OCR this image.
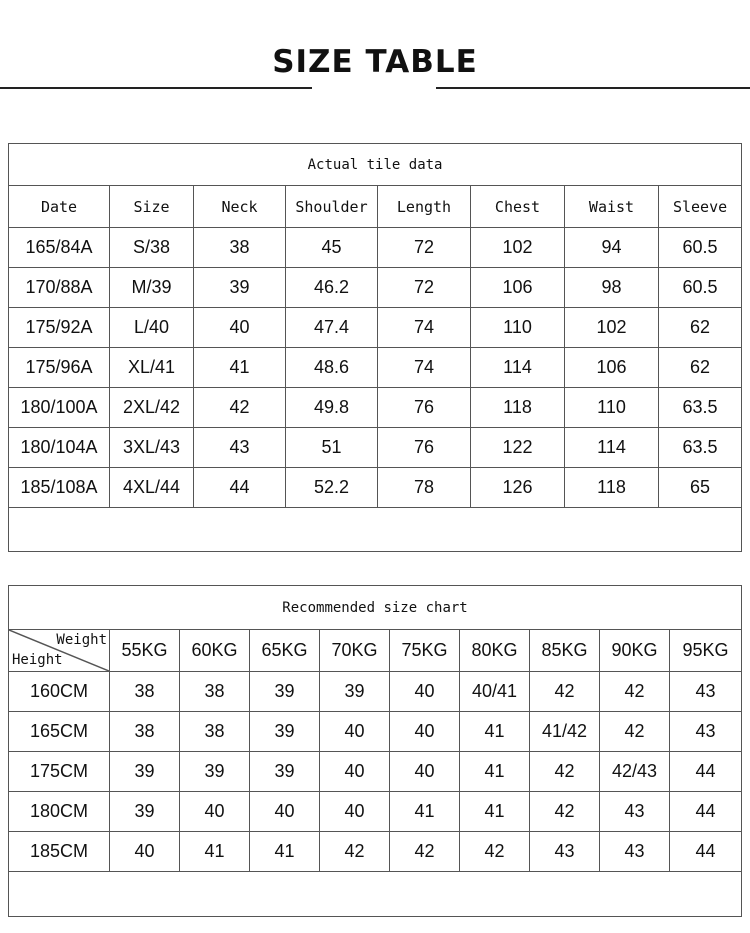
SIZE TABLE
Actual tile data							
Date	Size	Neck	Shoulder	Length	Chest	Waist	Sleeve
165/84A	S/38	38	45	72	102	94	60.5
170/88A	M/39	39	46.2	72	106	98	60.5
175/92A	L/40	40	47.4	74	110	102	62
175/96A	XL/41	41	48.6	74	114	106	62
180/100A	2XL/42	42	49.8	76	118	110	63.5
180/104A	3XL/43	43	51	76	122	114	63.5
185/108A	4XL/44	44	52.2	78	126	118	65

Recommended size chart									

Weight
Height	55KG	60KG	65KG	70KG	75KG	80KG	85KG	90KG	95KG
160CM	38	38	39	39	40	40/41	42	42	43
165CM	38	38	39	40	40	41	41/42	42	43
175CM	39	39	39	40	40	41	42	42/43	44
180CM	39	40	40	40	41	41	42	43	44
185CM	40	41	41	42	42	42	43	43	44
